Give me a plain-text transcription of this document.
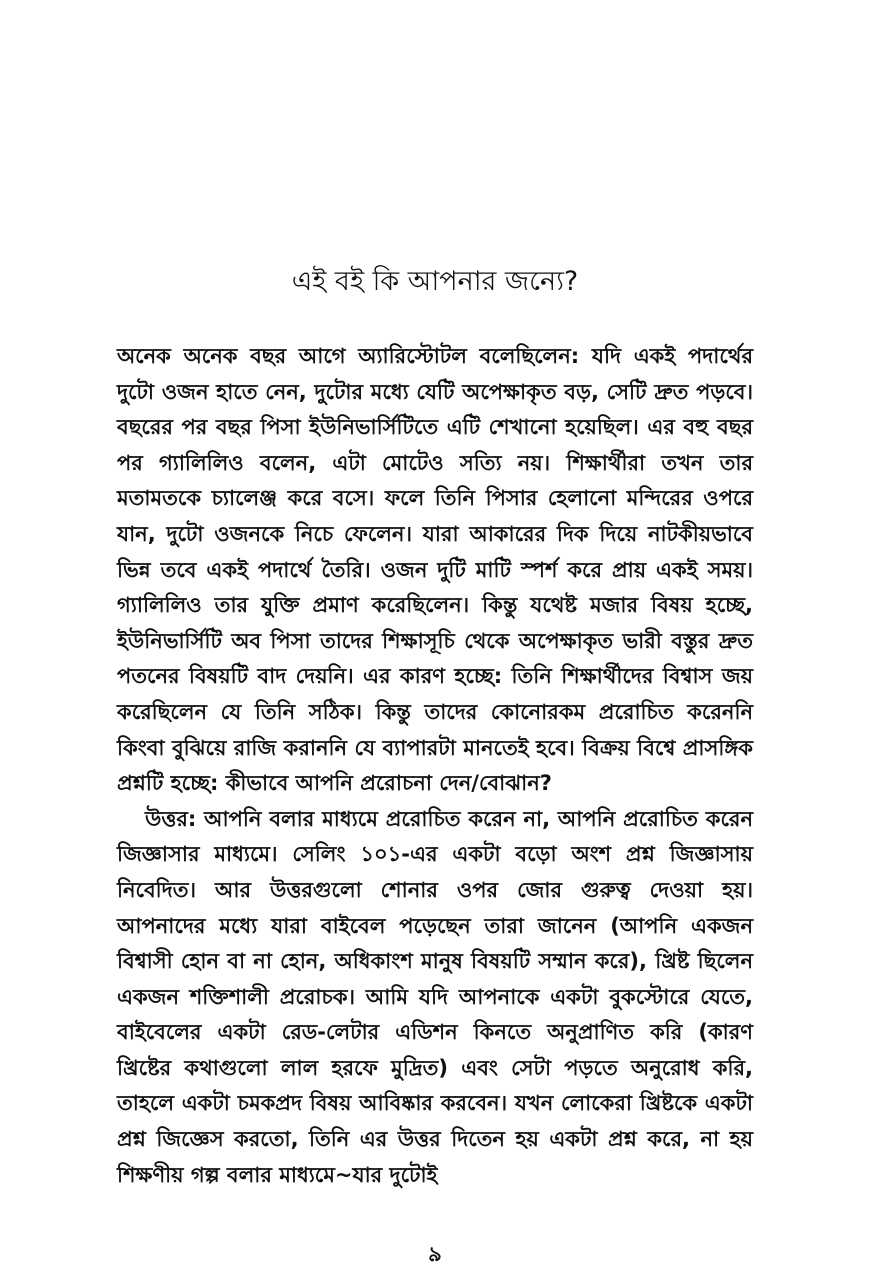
এই বই কি আপনার জন্যে?

অনেক অনেক বছর আগে অ্যারিস্টোটল বলেছিলেন: যদি একই পদার্থের দুটো ওজন হাতে নেন, দুটোর মধ্যে যেটি অপেক্ষাকৃত বড়, সেটি দ্রুত পড়বে। বছরের পর বছর পিসা ইউনিভার্সিটিতে এটি শেখানো হয়েছিল। এর বহু বছর পর গ্যালিলিও বলেন, এটা মোটেও সত্যি নয়। শিক্ষার্থীরা তখন তার মতামতকে চ্যালেঞ্জ করে বসে। ফলে তিনি পিসার হেলানো মন্দিরের ওপরে যান, দুটো ওজনকে নিচে ফেলেন। যারা আকারের দিক দিয়ে নাটকীয়ভাবে ভিন্ন তবে একই পদার্থে তৈরি। ওজন দুটি মাটি স্পর্শ করে প্রায় একই সময়। গ্যালিলিও তার যুক্তি প্রমাণ করেছিলেন। কিন্তু যথেষ্ট মজার বিষয় হচ্ছে, ইউনিভার্সিটি অব পিসা তাদের শিক্ষাসূচি থেকে অপেক্ষাকৃত ভারী বস্তুর দ্রুত পতনের বিষয়টি বাদ দেয়নি। এর কারণ হচ্ছে: তিনি শিক্ষার্থীদের বিশ্বাস জয় করেছিলেন যে তিনি সঠিক। কিন্তু তাদের কোনোরকম প্ররোচিত করেননি কিংবা বুঝিয়ে রাজি করাননি যে ব্যাপারটা মানতেই হবে। বিক্রয় বিশ্বে প্রাসঙ্গিক প্রশ্নটি হচ্ছে: কীভাবে আপনি প্ররোচনা দেন/বোঝান?

উত্তর: আপনি বলার মাধ্যমে প্ররোচিত করেন না, আপনি প্ররোচিত করেন জিজ্ঞাসার মাধ্যমে। সেলিং ১০১-এর একটা বড়ো অংশ প্রশ্ন জিজ্ঞাসায় নিবেদিত। আর উত্তরগুলো শোনার ওপর জোর গুরুত্ব দেওয়া হয়। আপনাদের মধ্যে যারা বাইবেল পড়েছেন তারা জানেন (আপনি একজন বিশ্বাসী হোন বা না হোন, অধিকাংশ মানুষ বিষয়টি সম্মান করে), খ্রিষ্ট ছিলেন একজন শক্তিশালী প্ররোচক। আমি যদি আপনাকে একটা বুকস্টোরে যেতে, বাইবেলের একটা রেড-লেটার এডিশন কিনতে অনুপ্রাণিত করি (কারণ খ্রিষ্টের কথাগুলো লাল হরফে মুদ্রিত) এবং সেটা পড়তে অনুরোধ করি, তাহলে একটা চমকপ্রদ বিষয় আবিষ্কার করবেন। যখন লোকেরা খ্রিষ্টকে একটা প্রশ্ন জিজ্ঞেস করতো, তিনি এর উত্তর দিতেন হয় একটা প্রশ্ন করে, না হয় শিক্ষণীয় গল্প বলার মাধ্যমে~যার দুটোই

৯
